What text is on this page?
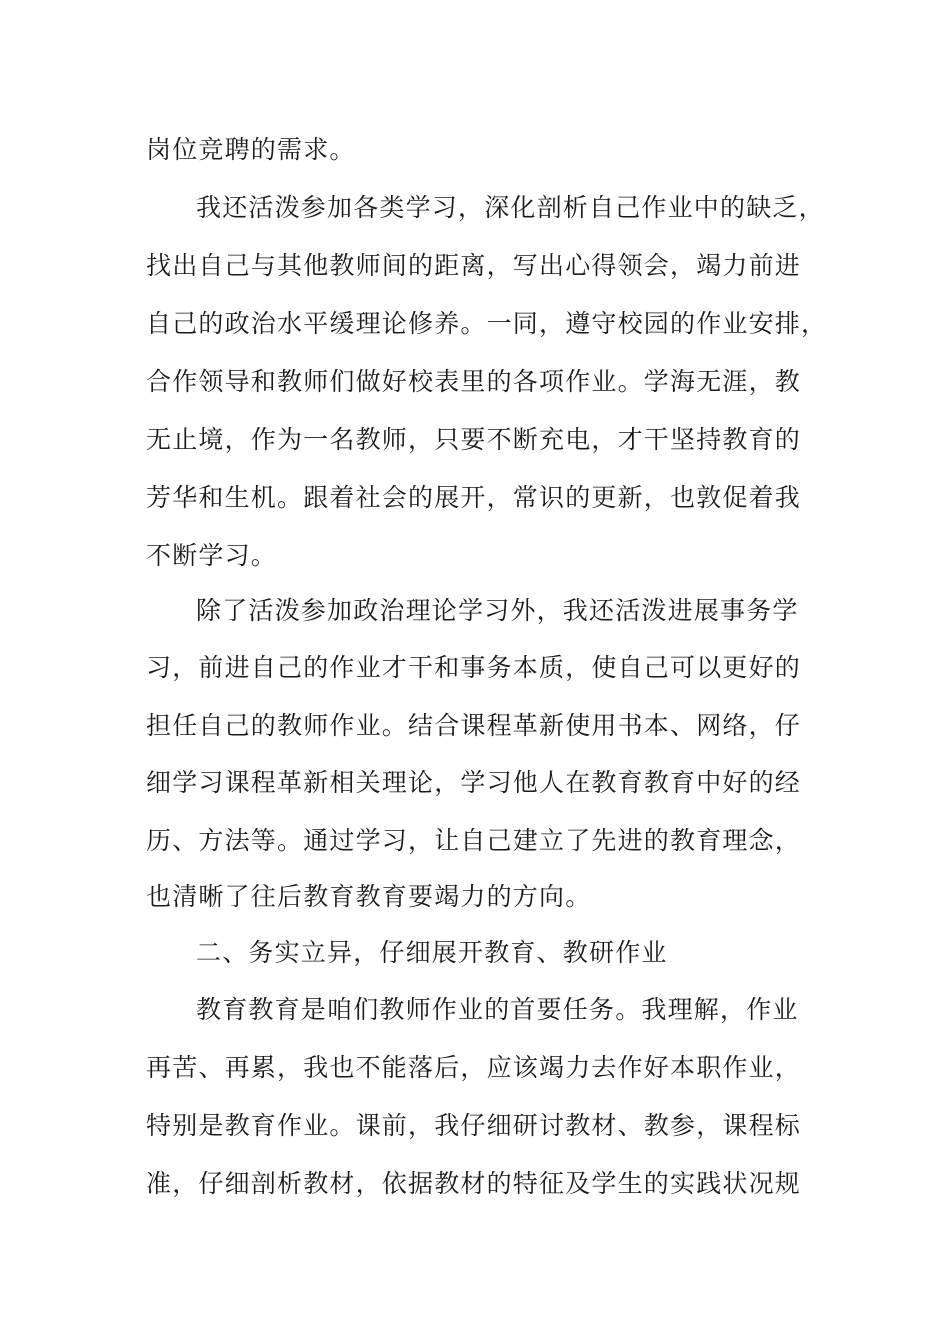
岗位竞聘的需求。
我还活泼参加各类学习，深化剖析自己作业中的缺乏，
找出自己与其他教师间的距离，写出心得领会，竭力前进
自己的政治水平缓理论修养。一同，遵守校园的作业安排，
合作领导和教师们做好校表里的各项作业。学海无涯，教
无止境，作为一名教师，只要不断充电，才干坚持教育的
芳华和生机。跟着社会的展开，常识的更新，也敦促着我
不断学习。
除了活泼参加政治理论学习外，我还活泼进展事务学
习，前进自己的作业才干和事务本质，使自己可以更好的
担任自己的教师作业。结合课程革新使用书本、网络，仔
细学习课程革新相关理论，学习他人在教育教育中好的经
历、方法等。通过学习，让自己建立了先进的教育理念，
也清晰了往后教育教育要竭力的方向。
二、务实立异，仔细展开教育、教研作业
教育教育是咱们教师作业的首要任务。我理解，作业
再苦、再累，我也不能落后，应该竭力去作好本职作业，
特别是教育作业。课前，我仔细研讨教材、教参，课程标
准，仔细剖析教材，依据教材的特征及学生的实践状况规
